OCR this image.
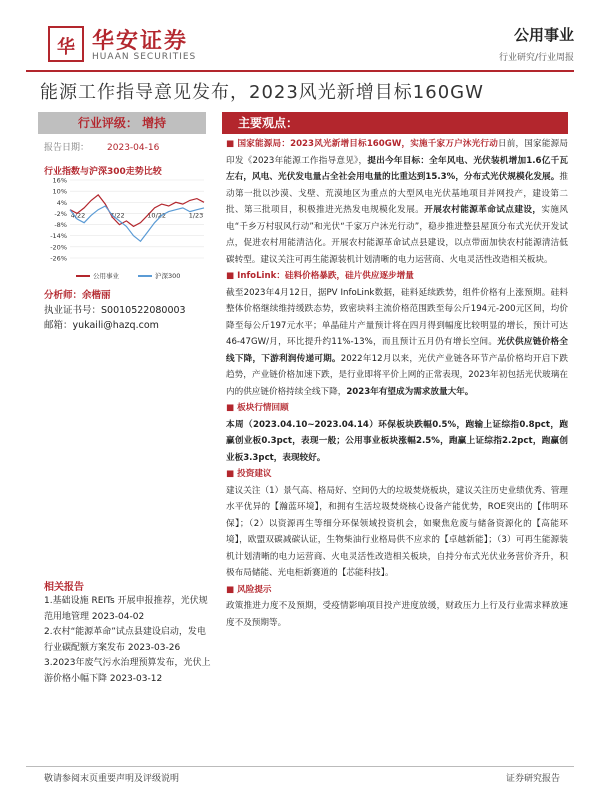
华 华安证券
HUAAN SECURITIES
公用事业
行业研究/行业周报
能源工作指导意见发布，2023风光新增目标160GW
行业评级： 增持
报告日期： 2023-04-16
行业指数与沪深300走势比较
16%
10%
4%
-2%
-8%
-14%
-20%
-26%
4/22	7/22	10/22	1/23
公用事业	沪深300
分析师：余楷丽
执业证书号：S0010522080003
邮箱：yukaili@hazq.com
相关报告
1.基础设施 REITs 开展申报推荐，光伏规范用地管理 2023-04-02
2.农村“能源革命”试点县建设启动，发电行业碳配额方案发布 2023-03-26
3.2023年废气污水治理预算发布，光伏上游价格小幅下降 2023-03-12
主要观点：

■ 国家能源局：2023风光新增目标160GW，实施千家万户沐光行动日前，国家能源局印发《2023年能源工作指导意见》，提出今年目标：全年风电、光伏装机增加1.6亿千瓦左右，风电、光伏发电量占全社会用电量的比重达到15.3%，分布式光伏规模化发展。推动第一批以沙漠、戈壁、荒漠地区为重点的大型风电光伏基地项目并网投产，建设第二批、第三批项目，积极推进光热发电规模化发展。开展农村能源革命试点建设，实施风电“千乡万村驭风行动”和光伏“千家万户沐光行动”，稳步推进整县屋顶分布式光伏开发试点，促进农村用能清洁化。开展农村能源革命试点县建设，以点带面加快农村能源清洁低碳转型。建议关注可再生能源装机计划清晰的电力运营商、火电灵活性改造相关板块。

■ InfoLink：硅料价格暴跌，硅片供应逐步增量
截至2023年4月12日，据PV InfoLink数据，硅料延续跌势，组件价格有上涨预期。硅料整体价格继续维持缓跌态势，致密块料主流价格范围跌至每公斤194元-200元区间，均价降至每公斤197元水平；单晶硅片产量预计将在四月得到幅度比较明显的增长，预计可达46-47GW/月，环比提升约11%-13%，而且预计五月仍有增长空间。光伏供应链价格全线下降，下游利润传递可期。2022年12月以来，光伏产业链各环节产品价格均开启下跌趋势，产业链价格加速下跌，是行业即将平价上网的正常表现，2023年初包括光伏玻璃在内的供应链价格持续全线下降，2023年有望成为需求放量大年。

■ 板块行情回顾
本周（2023.04.10~2023.04.14）环保板块跌幅0.5%，跑输上证综指0.8pct，跑赢创业板0.3pct，表现一般；公用事业板块涨幅2.5%，跑赢上证综指2.2pct，跑赢创业板3.3pct，表现较好。

■ 投资建议
建议关注（1）景气高、格局好、空间仍大的垃圾焚烧板块，建议关注历史业绩优秀、管理水平优异的【瀚蓝环境】，和拥有生活垃圾焚烧核心设备产能优势，ROE突出的【伟明环保】；（2）以资源再生等细分环保领域投资机会，如聚焦危废与储备资源化的【高能环境】，欧盟双碳减碳认证，生物柴油行业格局供不应求的【卓越新能】；（3）可再生能源装机计划清晰的电力运营商、火电灵活性改造相关板块，自持分布式光伏业务营价齐升，积极布局储能、光电柜新赛道的【芯能科技】。

■ 风险提示
政策推进力度不及预期，受疫情影响项目投产进度放缓，财政压力上行及行业需求释放速度不及预期等。

敬请参阅末页重要声明及评级说明	证券研究报告
